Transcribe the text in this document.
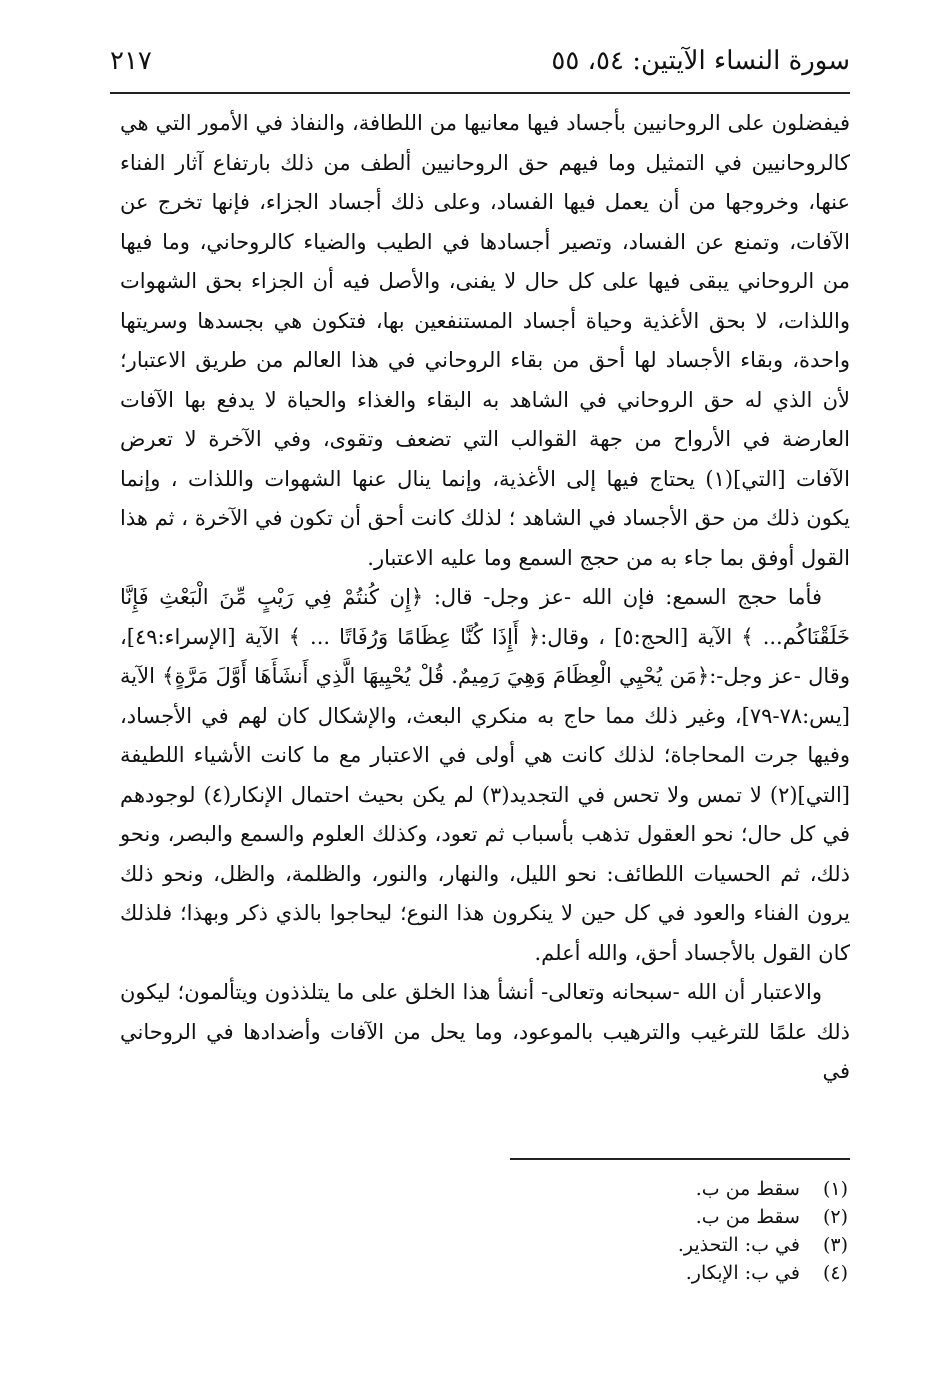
٢١٧	سورة النساء الآيتين: ٥٤، ٥٥

فيفضلون على الروحانيين بأجساد فيها معانيها من اللطافة، والنفاذ في الأمور التي هي كالروحانيين في التمثيل وما فيهم حق الروحانيين ألطف من ذلك بارتفاع آثار الفناء عنها، وخروجها من أن يعمل فيها الفساد، وعلى ذلك أجساد الجزاء، فإنها تخرج عن الآفات، وتمنع عن الفساد، وتصير أجسادها في الطيب والضياء كالروحاني، وما فيها من الروحاني يبقى فيها على كل حال لا يفنى، والأصل فيه أن الجزاء بحق الشهوات واللذات، لا بحق الأغذية وحياة أجساد المستنفعين بها، فتكون هي بجسدها وسريتها واحدة، وبقاء الأجساد لها أحق من بقاء الروحاني في هذا العالم من طريق الاعتبار؛ لأن الذي له حق الروحاني في الشاهد به البقاء والغذاء والحياة لا يدفع بها الآفات العارضة في الأرواح من جهة القوالب التي تضعف وتقوى، وفي الآخرة لا تعرض الآفات [التي](١) يحتاج فيها إلى الأغذية، وإنما ينال عنها الشهوات واللذات ، وإنما يكون ذلك من حق الأجساد في الشاهد ؛ لذلك كانت أحق أن تكون في الآخرة ، ثم هذا القول أوفق بما جاء به من حجج السمع وما عليه الاعتبار.

فأما حجج السمع: فإن الله -عز وجل- قال: ﴿إِن كُنتُمْ فِي رَيْبٍ مِّنَ الْبَعْثِ فَإِنَّا خَلَقْنَاكُم... ﴾ الآية [الحج:٥] ، وقال:﴿ أَإِذَا كُنَّا عِظَامًا وَرُفَاتًا ... ﴾ الآية [الإسراء:٤٩]، وقال -عز وجل-:﴿مَن يُحْيِي الْعِظَامَ وَهِيَ رَمِيمٌ. قُلْ يُحْيِيهَا الَّذِي أَنشَأَهَا أَوَّلَ مَرَّةٍ﴾ الآية [يس:٧٨-٧٩]، وغير ذلك مما حاج به منكري البعث، والإشكال كان لهم في الأجساد، وفيها جرت المحاجاة؛ لذلك كانت هي أولى في الاعتبار مع ما كانت الأشياء اللطيفة [التي](٢) لا تمس ولا تحس في التجديد(٣) لم يكن بحيث احتمال الإنكار(٤) لوجودهم في كل حال؛ نحو العقول تذهب بأسباب ثم تعود، وكذلك العلوم والسمع والبصر، ونحو ذلك، ثم الحسيات اللطائف: نحو الليل، والنهار، والنور، والظلمة، والظل، ونحو ذلك يرون الفناء والعود في كل حين لا ينكرون هذا النوع؛ ليحاجوا بالذي ذكر وبهذا؛ فلذلك كان القول بالأجساد أحق، والله أعلم.

والاعتبار أن الله -سبحانه وتعالى- أنشأ هذا الخلق على ما يتلذذون ويتألمون؛ ليكون ذلك علمًا للترغيب والترهيب بالموعود، وما يحل من الآفات وأضدادها في الروحاني في

(١) سقط من ب.
(٢) سقط من ب.
(٣) في ب: التحذير.
(٤) في ب: الإبكار.
